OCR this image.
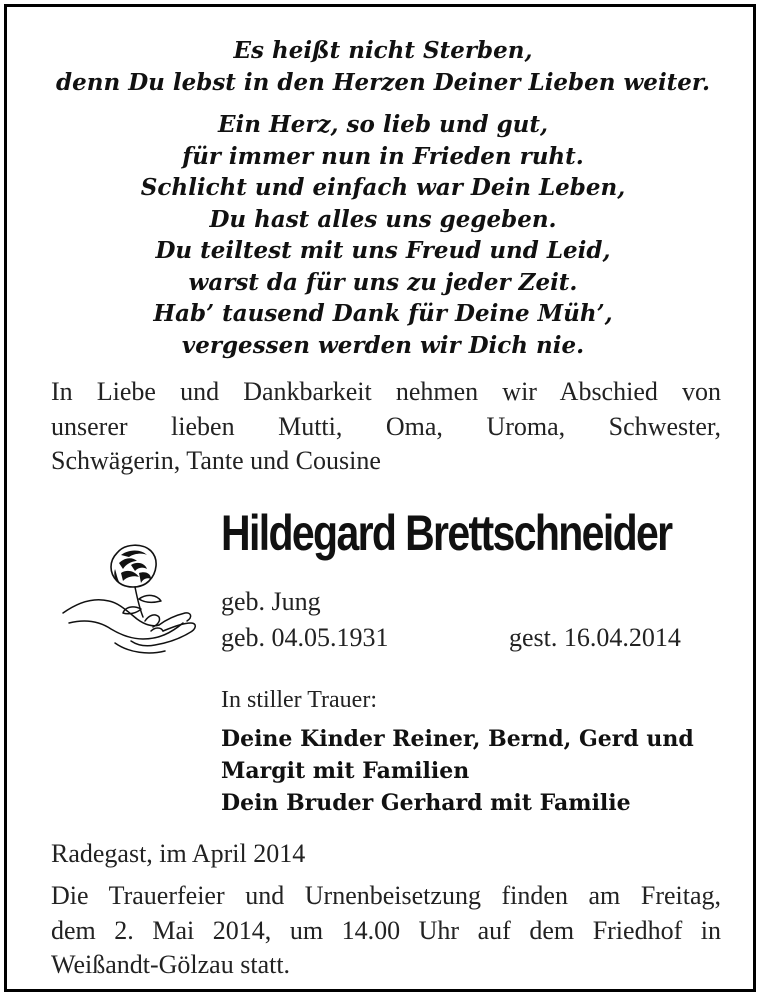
Es heißt nicht Sterben,
denn Du lebst in den Herzen Deiner Lieben weiter.
Ein Herz, so lieb und gut,
für immer nun in Frieden ruht.
Schlicht und einfach war Dein Leben,
Du hast alles uns gegeben.
Du teiltest mit uns Freud und Leid,
warst da für uns zu jeder Zeit.
Hab’ tausend Dank für Deine Müh’,
vergessen werden wir Dich nie.
In Liebe und Dankbarkeit nehmen wir Abschied von
unserer lieben Mutti, Oma, Uroma, Schwester,
Schwägerin, Tante und Cousine
Hildegard Brettschneider
geb. Jung
geb. 04.05.1931	gest. 16.04.2014
In stiller Trauer:
Deine Kinder Reiner, Bernd, Gerd und
Margit mit Familien
Dein Bruder Gerhard mit Familie
Radegast, im April 2014
Die Trauerfeier und Urnenbeisetzung finden am Freitag,
dem 2. Mai 2014, um 14.00 Uhr auf dem Friedhof in
Weißandt-Gölzau statt.
